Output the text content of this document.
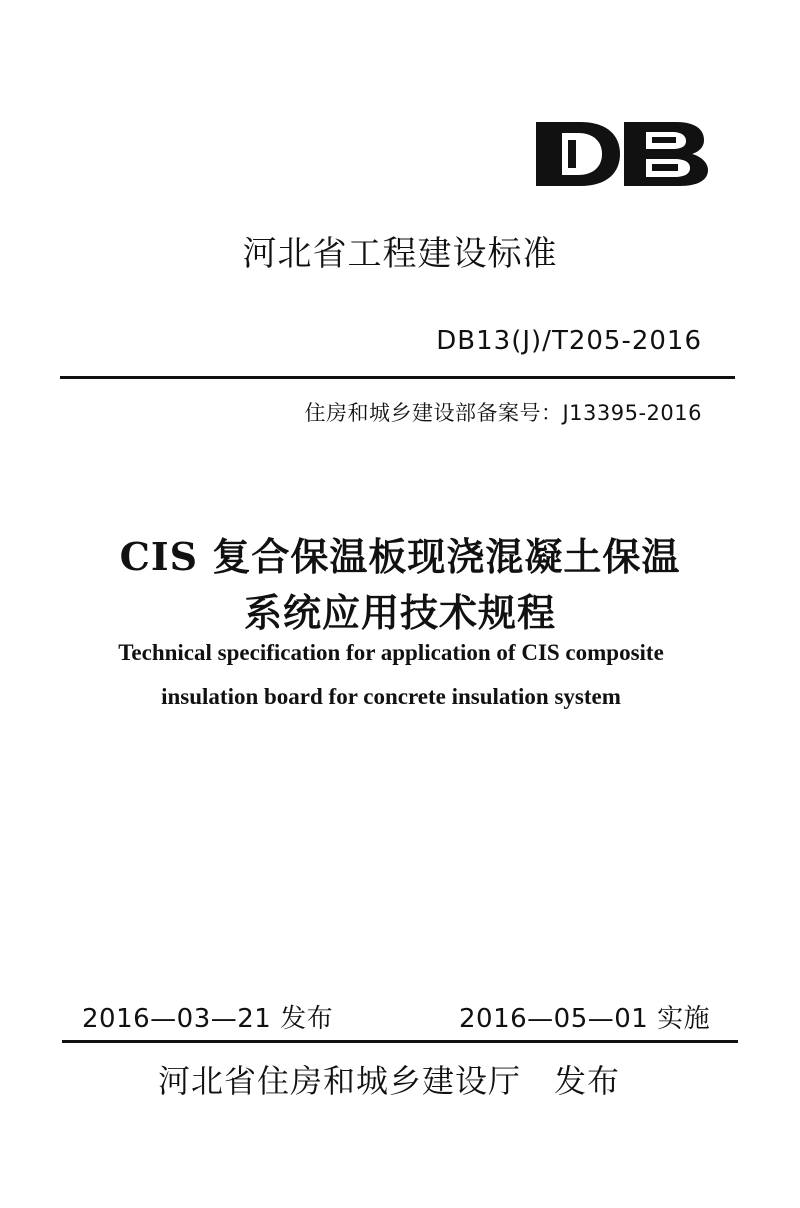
河北省工程建设标准
DB13(J)/T205-2016
住房和城乡建设部备案号：J13395-2016
CIS 复合保温板现浇混凝土保温
系统应用技术规程
Technical specification for application of CIS composite
insulation board for concrete insulation system
2016—03—21 发布	2016—05—01 实施
河北省住房和城乡建设厅　发布
